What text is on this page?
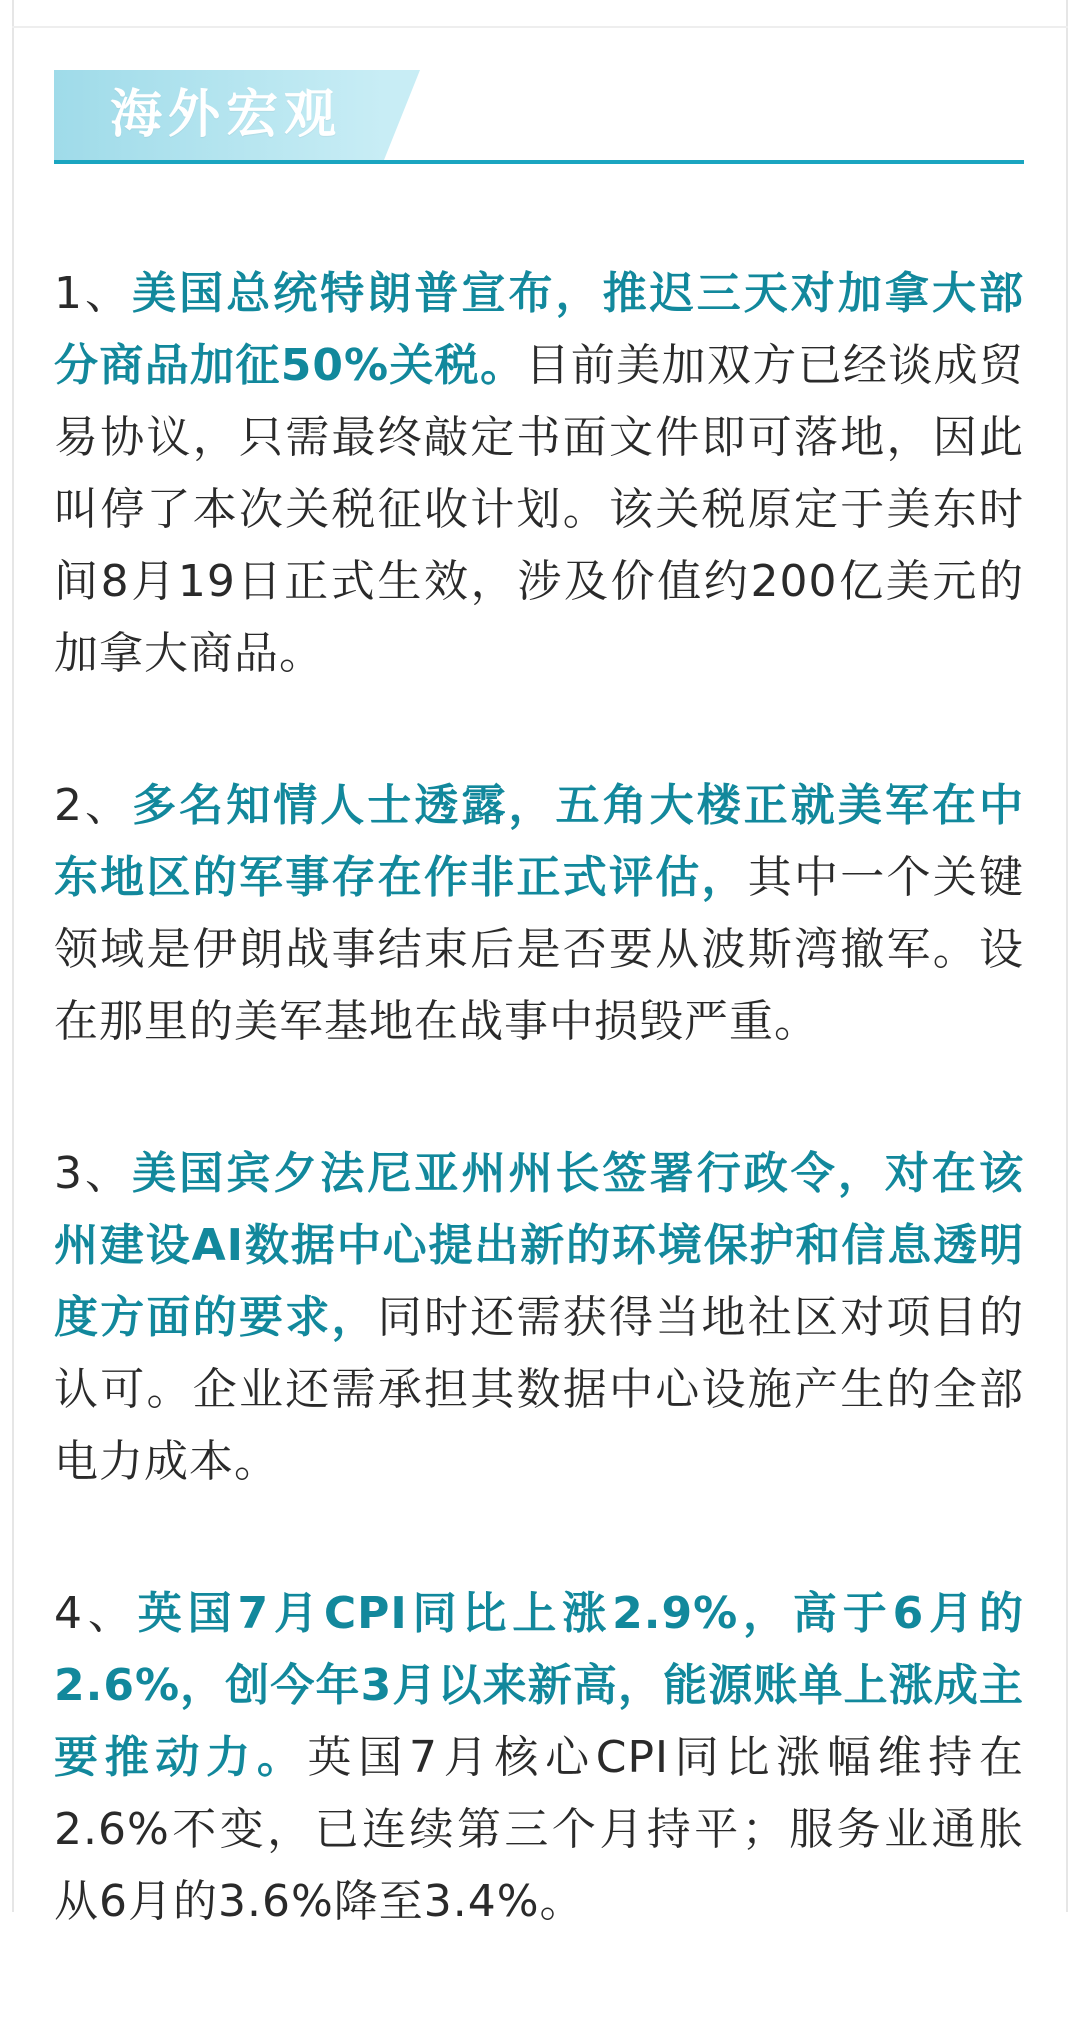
海外宏观

1、美国总统特朗普宣布，推迟三天对加拿大部分商品加征50%关税。目前美加双方已经谈成贸易协议，只需最终敲定书面文件即可落地，因此叫停了本次关税征收计划。该关税原定于美东时间8月19日正式生效，涉及价值约200亿美元的加拿大商品。

2、多名知情人士透露，五角大楼正就美军在中东地区的军事存在作非正式评估，其中一个关键领域是伊朗战事结束后是否要从波斯湾撤军。设在那里的美军基地在战事中损毁严重。

3、美国宾夕法尼亚州州长签署行政令，对在该州建设AI数据中心提出新的环境保护和信息透明度方面的要求，同时还需获得当地社区对项目的认可。企业还需承担其数据中心设施产生的全部电力成本。

4、英国7月CPI同比上涨2.9%，高于6月的2.6%，创今年3月以来新高，能源账单上涨成主要推动力。英国7月核心CPI同比涨幅维持在2.6%不变，已连续第三个月持平；服务业通胀从6月的3.6%降至3.4%。
